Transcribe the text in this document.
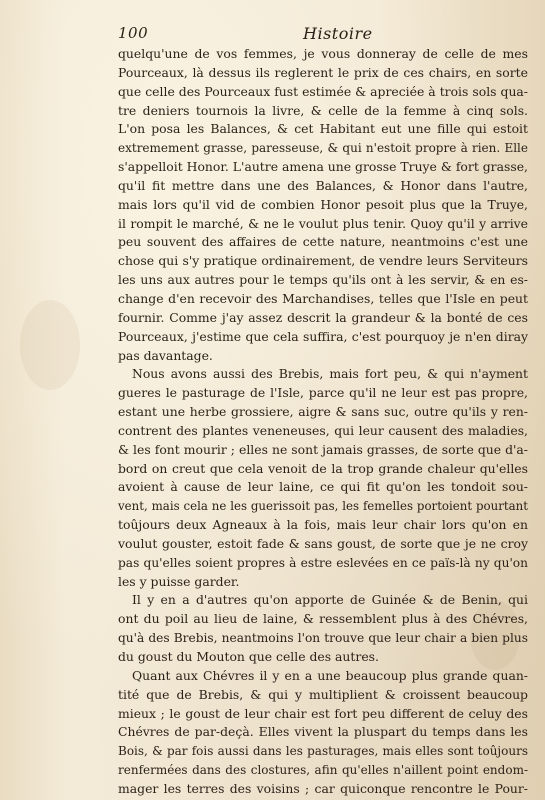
100	Histoire
quelqu'une de vos femmes, je vous donneray de celle de mes
Pourceaux, là dessus ils reglerent le prix de ces chairs, en sorte
que celle des Pourceaux fust estimée & apreciée à trois sols qua-
tre deniers tournois la livre, & celle de la femme à cinq sols.
L'on posa les Balances, & cet Habitant eut une fille qui estoit
extremement grasse, paresseuse, & qui n'estoit propre à rien. Elle
s'appelloit Honor. L'autre amena une grosse Truye & fort grasse,
qu'il fit mettre dans une des Balances, & Honor dans l'autre,
mais lors qu'il vid de combien Honor pesoit plus que la Truye,
il rompit le marché, & ne le voulut plus tenir. Quoy qu'il y arrive
peu souvent des affaires de cette nature, neantmoins c'est une
chose qui s'y pratique ordinairement, de vendre leurs Serviteurs
les uns aux autres pour le temps qu'ils ont à les servir, & en es-
change d'en recevoir des Marchandises, telles que l'Isle en peut
fournir. Comme j'ay assez descrit la grandeur & la bonté de ces
Pourceaux, j'estime que cela suffira, c'est pourquoy je n'en diray
pas davantage.
Nous avons aussi des Brebis, mais fort peu, & qui n'ayment
gueres le pasturage de l'Isle, parce qu'il ne leur est pas propre,
estant une herbe grossiere, aigre & sans suc, outre qu'ils y ren-
contrent des plantes veneneuses, qui leur causent des maladies,
& les font mourir ; elles ne sont jamais grasses, de sorte que d'a-
bord on creut que cela venoit de la trop grande chaleur qu'elles
avoient à cause de leur laine, ce qui fit qu'on les tondoit sou-
vent, mais cela ne les guerissoit pas, les femelles portoient pourtant
toûjours deux Agneaux à la fois, mais leur chair lors qu'on en
voulut gouster, estoit fade & sans goust, de sorte que je ne croy
pas qu'elles soient propres à estre eslevées en ce païs-là ny qu'on
les y puisse garder.
Il y en a d'autres qu'on apporte de Guinée & de Benin, qui
ont du poil au lieu de laine, & ressemblent plus à des Chévres,
qu'à des Brebis, neantmoins l'on trouve que leur chair a bien plus
du goust du Mouton que celle des autres.
Quant aux Chévres il y en a une beaucoup plus grande quan-
tité que de Brebis, & qui y multiplient & croissent beaucoup
mieux ; le goust de leur chair est fort peu different de celuy des
Chévres de par-deçà. Elles vivent la pluspart du temps dans les
Bois, & par fois aussi dans les pasturages, mais elles sont toûjours
renfermées dans des clostures, afin qu'elles n'aillent point endom-
mager les terres des voisins ; car quiconque rencontre le Pour-
